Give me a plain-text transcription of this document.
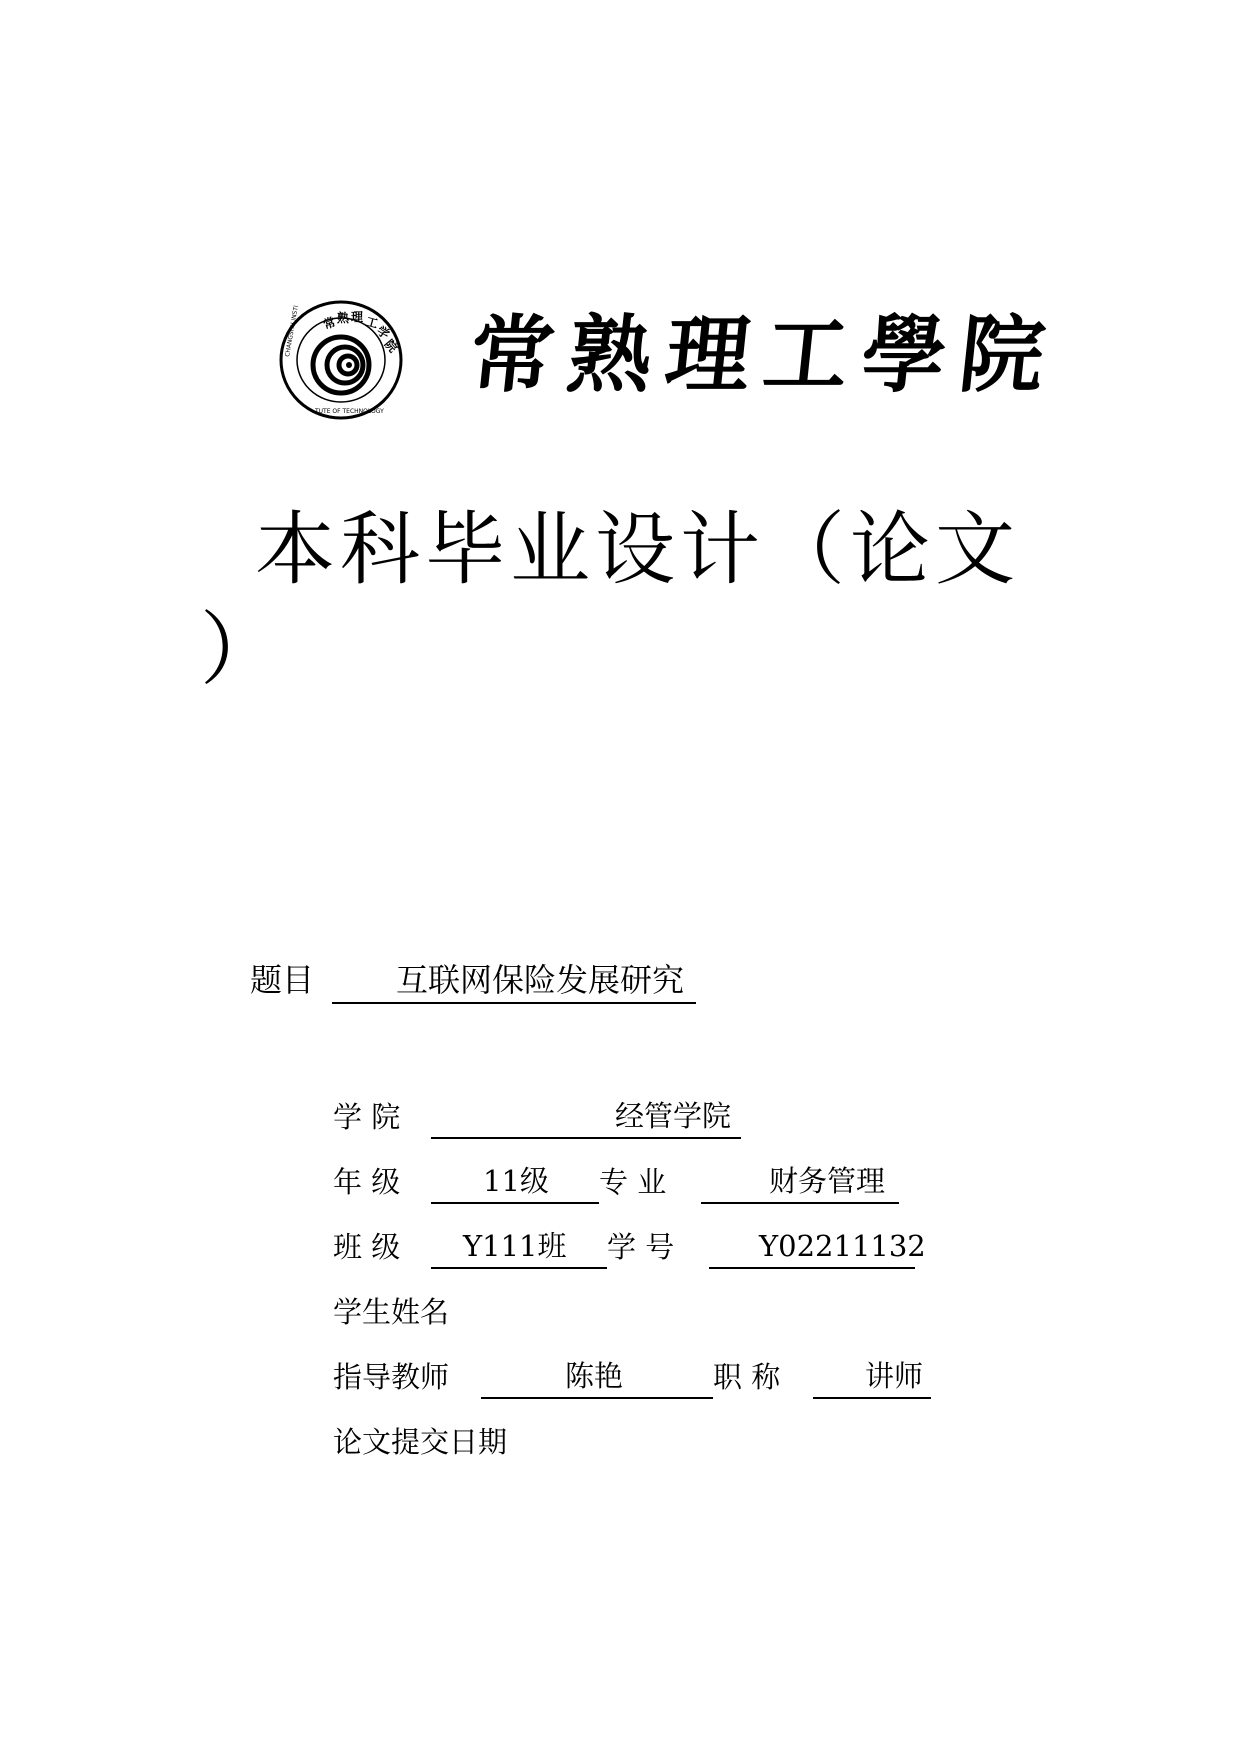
常 熟 理 工
学
院
CHANGSHU INSTI
TUTE OF TECHNOLOGY
常熟理工學院
本科毕业设计（论文
）
题目	互联网保险发展研究
学 院	经管学院
年 级	11级 专 业	财务管理
班 级 Y111班 学 号	Y02211132
学生姓名
指导教师	陈艳	职 称	讲师
论文提交日期
